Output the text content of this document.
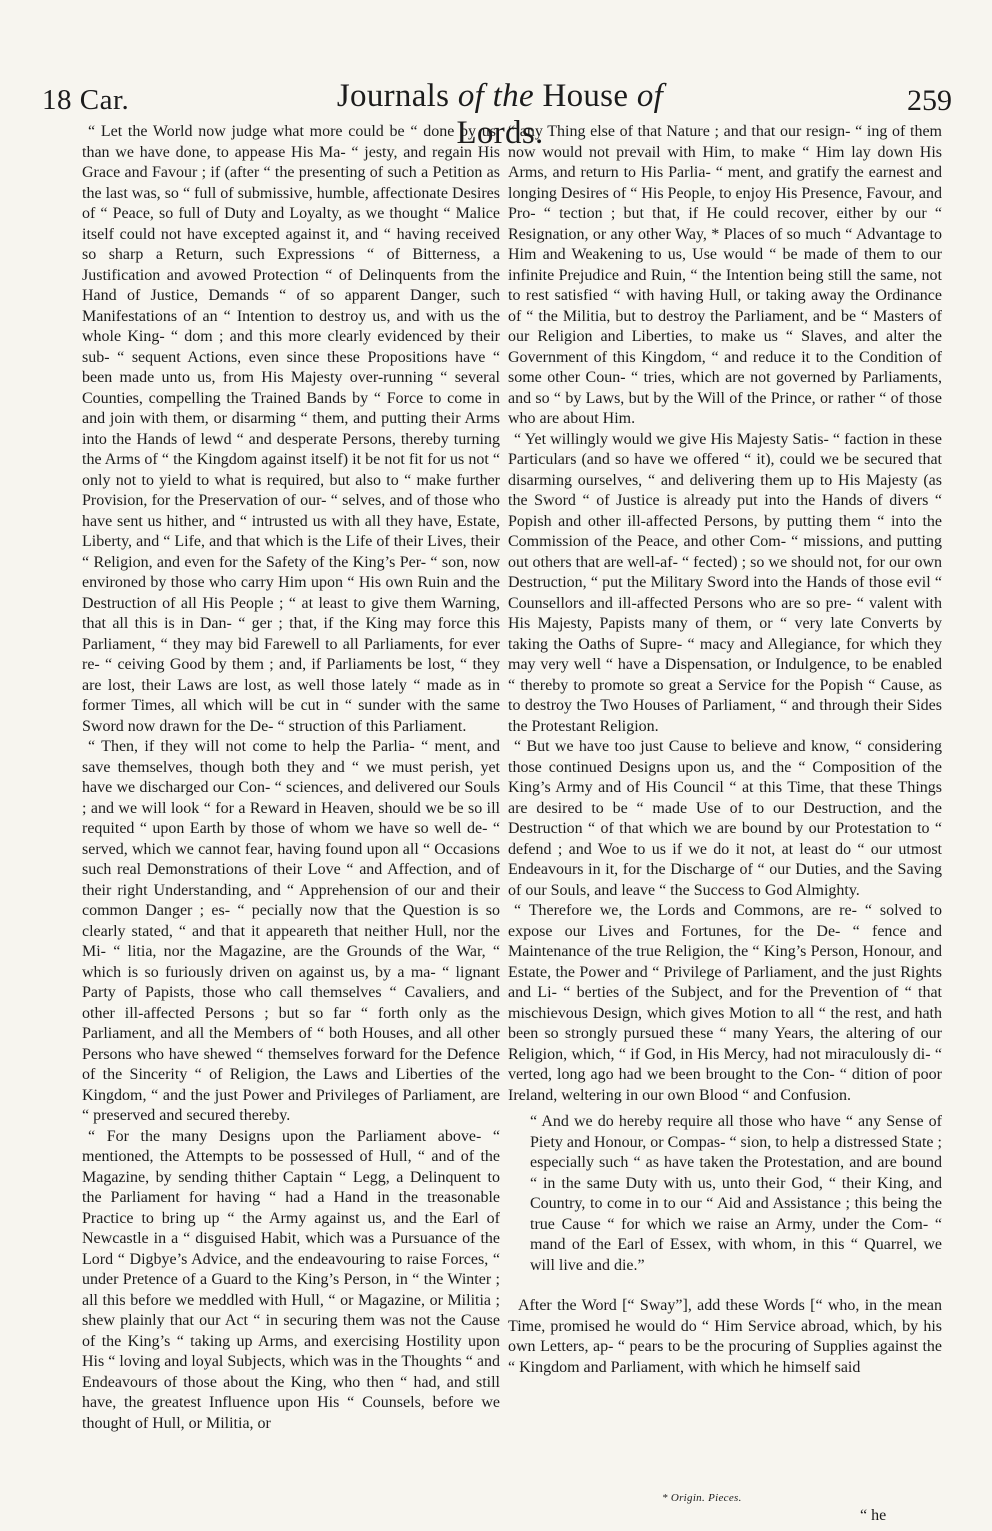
18 Car.	Journals of the House of Lords.
259

“ Let the World now judge what more could be “ done by us, than we have done, to appease His Ma- “ jesty, and regain His Grace and Favour ; if (after “ the presenting of such a Petition as the last was, so “ full of submissive, humble, affectionate Desires of “ Peace, so full of Duty and Loyalty, as we thought “ Malice itself could not have excepted against it, and “ having received so sharp a Return, such Expressions “ of Bitterness, a Justification and avowed Protection “ of Delinquents from the Hand of Justice, Demands “ of so apparent Danger, such Manifestations of an “ Intention to destroy us, and with us the whole King- “ dom ; and this more clearly evidenced by their sub- “ sequent Actions, even since these Propositions have “ been made unto us, from His Majesty over-running “ several Counties, compelling the Trained Bands by “ Force to come in and join with them, or disarming “ them, and putting their Arms into the Hands of lewd “ and desperate Persons, thereby turning the Arms of “ the Kingdom against itself) it be not fit for us not “ only not to yield to what is required, but also to “ make further Provision, for the Preservation of our- “ selves, and of those who have sent us hither, and “ intrusted us with all they have, Estate, Liberty, and “ Life, and that which is the Life of their Lives, their “ Religion, and even for the Safety of the King’s Per- “ son, now environed by those who carry Him upon “ His own Ruin and the Destruction of all His People ; “ at least to give them Warning, that all this is in Dan- “ ger ; that, if the King may force this Parliament, “ they may bid Farewell to all Parliaments, for ever re- “ ceiving Good by them ; and, if Parliaments be lost, “ they are lost, their Laws are lost, as well those lately “ made as in former Times, all which will be cut in “ sunder with the same Sword now drawn for the De- “ struction of this Parliament.

“ Then, if they will not come to help the Parlia- “ ment, and save themselves, though both they and “ we must perish, yet have we discharged our Con- “ sciences, and delivered our Souls ; and we will look “ for a Reward in Heaven, should we be so ill requited “ upon Earth by those of whom we have so well de- “ served, which we cannot fear, having found upon all “ Occasions such real Demonstrations of their Love “ and Affection, and of their right Understanding, and “ Apprehension of our and their common Danger ; es- “ pecially now that the Question is so clearly stated, “ and that it appeareth that neither Hull, nor the Mi- “ litia, nor the Magazine, are the Grounds of the War, “ which is so furiously driven on against us, by a ma- “ lignant Party of Papists, those who call themselves “ Cavaliers, and other ill-affected Persons ; but so far “ forth only as the Parliament, and all the Members of “ both Houses, and all other Persons who have shewed “ themselves forward for the Defence of the Sincerity “ of Religion, the Laws and Liberties of the Kingdom, “ and the just Power and Privileges of Parliament, are “ preserved and secured thereby.

“ For the many Designs upon the Parliament above- “ mentioned, the Attempts to be possessed of Hull, “ and of the Magazine, by sending thither Captain “ Legg, a Delinquent to the Parliament for having “ had a Hand in the treasonable Practice to bring up “ the Army against us, and the Earl of Newcastle in a “ disguised Habit, which was a Pursuance of the Lord “ Digbye’s Advice, and the endeavouring to raise Forces, “ under Pretence of a Guard to the King’s Person, in “ the Winter ; all this before we meddled with Hull, “ or Magazine, or Militia ; shew plainly that our Act “ in securing them was not the Cause of the King’s “ taking up Arms, and exercising Hostility upon His “ loving and loyal Subjects, which was in the Thoughts “ and Endeavours of those about the King, who then “ had, and still have, the greatest Influence upon His “ Counsels, before we thought of Hull, or Militia, or

“ any Thing else of that Nature ; and that our resign- “ ing of them now would not prevail with Him, to make “ Him lay down His Arms, and return to His Parlia- “ ment, and gratify the earnest and longing Desires of “ His People, to enjoy His Presence, Favour, and Pro- “ tection ; but that, if He could recover, either by our “ Resignation, or any other Way, * Places of so much “ Advantage to Him and Weakening to us, Use would “ be made of them to our infinite Prejudice and Ruin, “ the Intention being still the same, not to rest satisfied “ with having Hull, or taking away the Ordinance of “ the Militia, but to destroy the Parliament, and be “ Masters of our Religion and Liberties, to make us “ Slaves, and alter the Government of this Kingdom, “ and reduce it to the Condition of some other Coun- “ tries, which are not governed by Parliaments, and so “ by Laws, but by the Will of the Prince, or rather “ of those who are about Him.

“ Yet willingly would we give His Majesty Satis- “ faction in these Particulars (and so have we offered “ it), could we be secured that disarming ourselves, “ and delivering them up to His Majesty (as the Sword “ of Justice is already put into the Hands of divers “ Popish and other ill-affected Persons, by putting them “ into the Commission of the Peace, and other Com- “ missions, and putting out others that are well-af- “ fected) ; so we should not, for our own Destruction, “ put the Military Sword into the Hands of those evil “ Counsellors and ill-affected Persons who are so pre- “ valent with His Majesty, Papists many of them, or “ very late Converts by taking the Oaths of Supre- “ macy and Allegiance, for which they may very well “ have a Dispensation, or Indulgence, to be enabled “ thereby to promote so great a Service for the Popish “ Cause, as to destroy the Two Houses of Parliament, “ and through their Sides the Protestant Religion.

“ But we have too just Cause to believe and know, “ considering those continued Designs upon us, and the “ Composition of the King’s Army and of His Council “ at this Time, that these Things are desired to be “ made Use of to our Destruction, and the Destruction “ of that which we are bound by our Protestation to “ defend ; and Woe to us if we do it not, at least do “ our utmost Endeavours in it, for the Discharge of “ our Duties, and the Saving of our Souls, and leave “ the Success to God Almighty.

“ Therefore we, the Lords and Commons, are re- “ solved to expose our Lives and Fortunes, for the De- “ fence and Maintenance of the true Religion, the “ King’s Person, Honour, and Estate, the Power and “ Privilege of Parliament, and the just Rights and Li- “ berties of the Subject, and for the Prevention of “ that mischievous Design, which gives Motion to all “ the rest, and hath been so strongly pursued these “ many Years, the altering of our Religion, which, “ if God, in His Mercy, had not miraculously di- “ verted, long ago had we been brought to the Con- “ dition of poor Ireland, weltering in our own Blood “ and Confusion.

“ And we do hereby require all those who have “ any Sense of Piety and Honour, or Compas- “ sion, to help a distressed State ; especially such “ as have taken the Protestation, and are bound “ in the same Duty with us, unto their God, “ their King, and Country, to come in to our “ Aid and Assistance ; this being the true Cause “ for which we raise an Army, under the Com- “ mand of the Earl of Essex, with whom, in this “ Quarrel, we will live and die.”

After the Word [“ Sway”], add these Words [“ who, in the mean Time, promised he would do “ Him Service abroad, which, by his own Letters, ap- “ pears to be the procuring of Supplies against the “ Kingdom and Parliament, with which he himself said

* Origin. Pieces.
“ he
